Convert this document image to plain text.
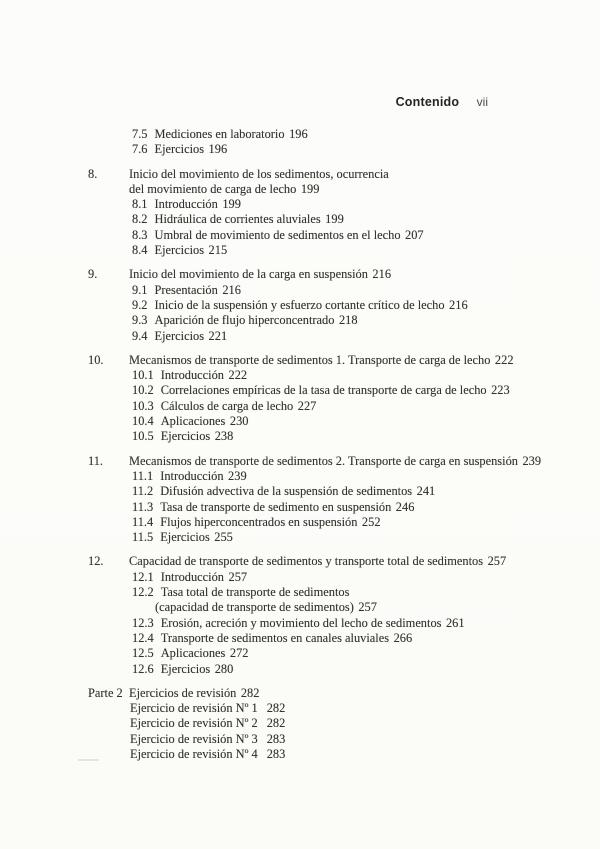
Contenido vii
7.5 Mediciones en laboratorio 196
7.6 Ejercicios 196
8.	Inicio del movimiento de los sedimentos, ocurrencia
del movimiento de carga de lecho 199
8.1 Introducción 199
8.2 Hidráulica de corrientes aluviales 199
8.3 Umbral de movimiento de sedimentos en el lecho 207
8.4 Ejercicios 215
9.	Inicio del movimiento de la carga en suspensión 216
9.1 Presentación 216
9.2 Inicio de la suspensión y esfuerzo cortante crítico de lecho 216
9.3 Aparición de flujo hiperconcentrado 218
9.4 Ejercicios 221
10.	Mecanismos de transporte de sedimentos 1. Transporte de carga de lecho 222
10.1 Introducción 222
10.2 Correlaciones empíricas de la tasa de transporte de carga de lecho 223
10.3 Cálculos de carga de lecho 227
10.4 Aplicaciones 230
10.5 Ejercicios 238
11.	Mecanismos de transporte de sedimentos 2. Transporte de carga en suspensión 239
11.1 Introducción 239
11.2 Difusión advectiva de la suspensión de sedimentos 241
11.3 Tasa de transporte de sedimento en suspensión 246
11.4 Flujos hiperconcentrados en suspensión 252
11.5 Ejercicios 255
12.	Capacidad de transporte de sedimentos y transporte total de sedimentos 257
12.1 Introducción 257
12.2 Tasa total de transporte de sedimentos
(capacidad de transporte de sedimentos) 257
12.3 Erosión, acreción y movimiento del lecho de sedimentos 261
12.4 Transporte de sedimentos en canales aluviales 266
12.5 Aplicaciones 272
12.6 Ejercicios 280
Parte 2 Ejercicios de revisión 282
Ejercicio de revisión Nº 1 282
Ejercicio de revisión Nº 2 282
Ejercicio de revisión Nº 3 283
Ejercicio de revisión Nº 4 283
